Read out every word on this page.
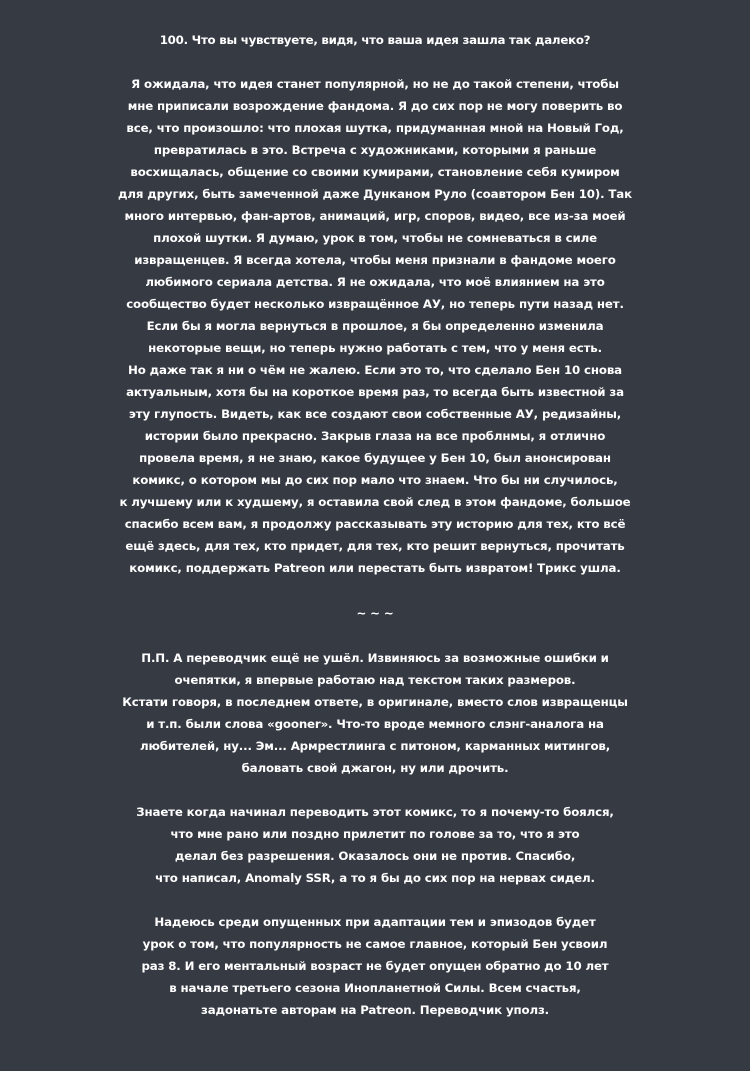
100. Что вы чувствуете, видя, что ваша идея зашла так далеко?
Я ожидала, что идея станет популярной, но не до такой степени, чтобы
мне приписали возрождение фандома. Я до сих пор не могу поверить во
все, что произошло: что плохая шутка, придуманная мной на Новый Год,
превратилась в это. Встреча с художниками, которыми я раньше
восхищалась, общение со своими кумирами, становление себя кумиром
для других, быть замеченной даже Дунканом Руло (соавтором Бен 10). Так
много интервью, фан-артов, анимаций, игр, споров, видео, все из-за моей
плохой шутки. Я думаю, урок в том, чтобы не сомневаться в силе
извращенцев. Я всегда хотела, чтобы меня признали в фандоме моего
любимого сериала детства. Я не ожидала, что моё влиянием на это
сообщество будет несколько извращённое АУ, но теперь пути назад нет.
Если бы я могла вернуться в прошлое, я бы определенно изменила
некоторые вещи, но теперь нужно работать с тем, что у меня есть.
Но даже так я ни о чём не жалею. Если это то, что сделало Бен 10 снова
актуальным, хотя бы на короткое время раз, то всегда быть известной за
эту глупость. Видеть, как все создают свои собственные АУ, редизайны,
истории было прекрасно. Закрыв глаза на все проблнмы, я отлично
провела время, я не знаю, какое будущее у Бен 10, был анонсирован
комикс, о котором мы до сих пор мало что знаем. Что бы ни случилось,
к лучшему или к худшему, я оставила свой след в этом фандоме, большое
спасибо всем вам, я продолжу рассказывать эту историю для тех, кто всё
ещё здесь, для тех, кто придет, для тех, кто решит вернуться, прочитать
комикс, поддержать Patreon или перестать быть извратом! Трикс ушла.
~ ~ ~
П.П. А переводчик ещё не ушёл. Извиняюсь за возможные ошибки и
очепятки, я впервые работаю над текстом таких размеров.
Кстати говоря, в последнем ответе, в оригинале, вместо слов извращенцы
и т.п. были слова «gooner». Что-то вроде мемного слэнг-аналога на
любителей, ну... Эм... Армрестлинга с питоном, карманных митингов,
баловать свой джагон, ну или дрочить.
Знаете когда начинал переводить этот комикс, то я почему-то боялся,
что мне рано или поздно прилетит по голове за то, что я это
делал без разрешения. Оказалось они не против. Спасибо,
что написал, Anomaly SSR, а то я бы до сих пор на нервах сидел.
Надеюсь среди опущенных при адаптации тем и эпизодов будет
урок о том, что популярность не самое главное, который Бен усвоил
раз 8. И его ментальный возраст не будет опущен обратно до 10 лет
в начале третьего сезона Инопланетной Силы. Всем счастья,
задонатьте авторам на Patreon. Переводчик уполз.
